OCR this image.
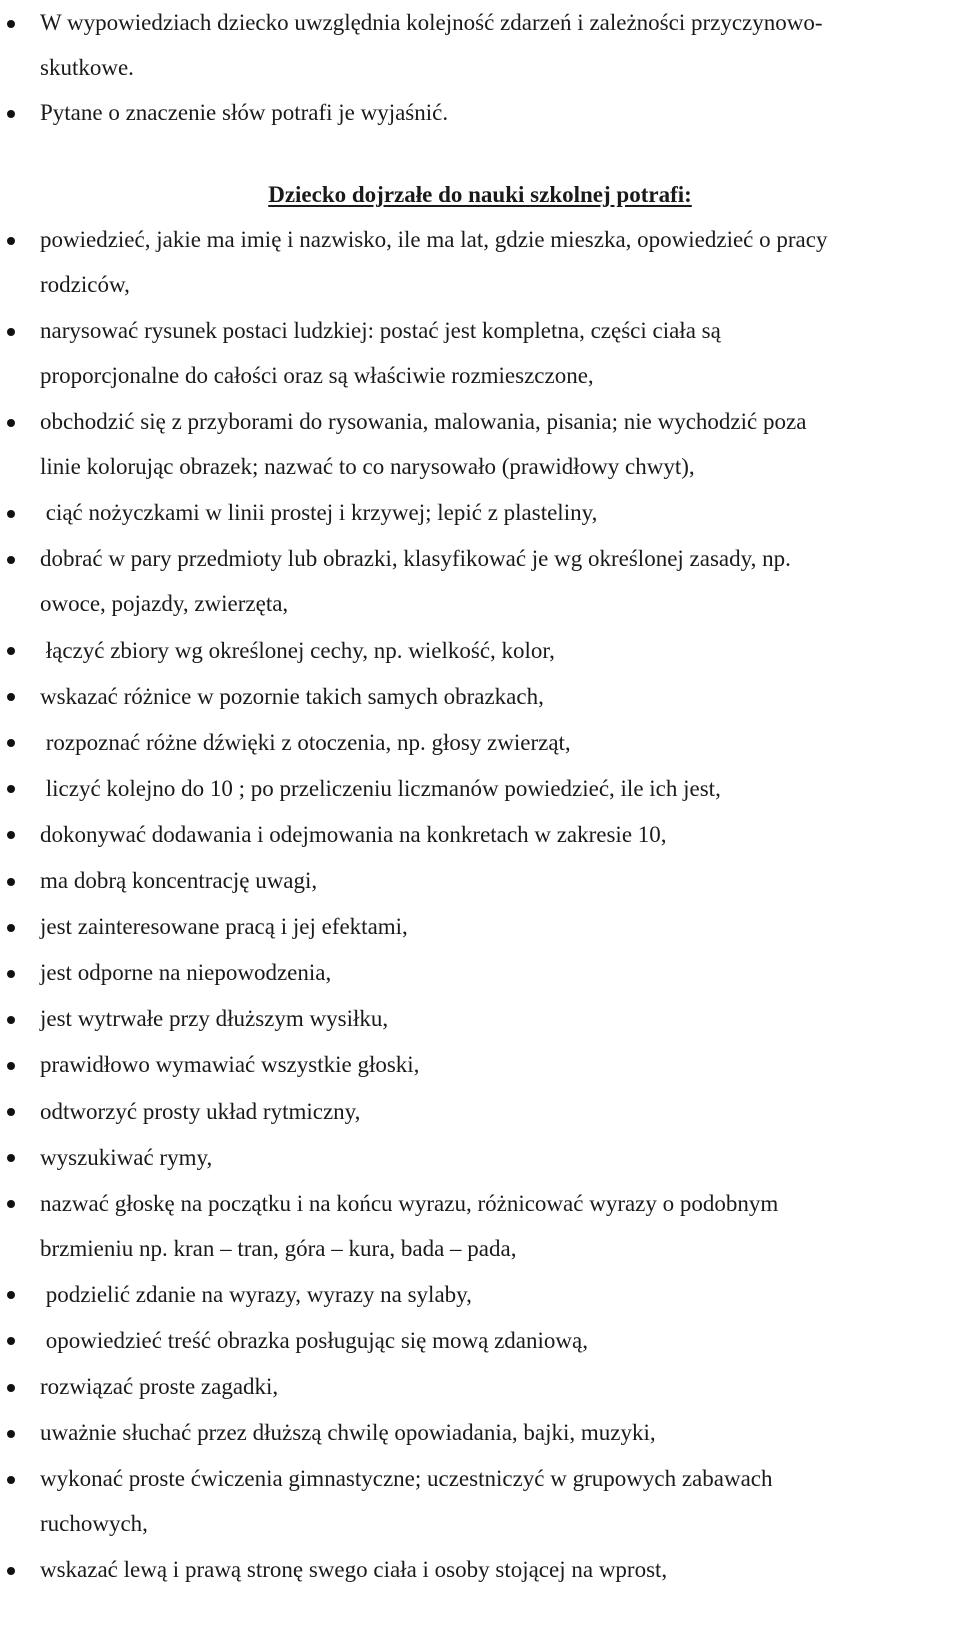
W wypowiedziach dziecko uwzględnia kolejność zdarzeń i zależności przyczynowo-
skutkowe.
Pytane o znaczenie słów potrafi je wyjaśnić.
Dziecko dojrzałe do nauki szkolnej potrafi:
powiedzieć, jakie ma imię i nazwisko, ile ma lat, gdzie mieszka, opowiedzieć o pracy
rodziców,
narysować rysunek postaci ludzkiej: postać jest kompletna, części ciała są
proporcjonalne do całości oraz są właściwie rozmieszczone,
obchodzić się z przyborami do rysowania, malowania, pisania; nie wychodzić poza
linie kolorując obrazek; nazwać to co narysowało (prawidłowy chwyt),
ciąć nożyczkami w linii prostej i krzywej; lepić z plasteliny,
dobrać w pary przedmioty lub obrazki, klasyfikować je wg określonej zasady, np.
owoce, pojazdy, zwierzęta,
łączyć zbiory wg określonej cechy, np. wielkość, kolor,
wskazać różnice w pozornie takich samych obrazkach,
rozpoznać różne dźwięki z otoczenia, np. głosy zwierząt,
liczyć kolejno do 10 ; po przeliczeniu liczmanów powiedzieć, ile ich jest,
dokonywać dodawania i odejmowania na konkretach w zakresie 10,
ma dobrą koncentrację uwagi,
jest zainteresowane pracą i jej efektami,
jest odporne na niepowodzenia,
jest wytrwałe przy dłuższym wysiłku,
prawidłowo wymawiać wszystkie głoski,
odtworzyć prosty układ rytmiczny,
wyszukiwać rymy,
nazwać głoskę na początku i na końcu wyrazu, różnicować wyrazy o podobnym
brzmieniu np. kran – tran, góra – kura, bada – pada,
podzielić zdanie na wyrazy, wyrazy na sylaby,
opowiedzieć treść obrazka posługując się mową zdaniową,
rozwiązać proste zagadki,
uważnie słuchać przez dłuższą chwilę opowiadania, bajki, muzyki,
wykonać proste ćwiczenia gimnastyczne; uczestniczyć w grupowych zabawach
ruchowych,
wskazać lewą i prawą stronę swego ciała i osoby stojącej na wprost,
